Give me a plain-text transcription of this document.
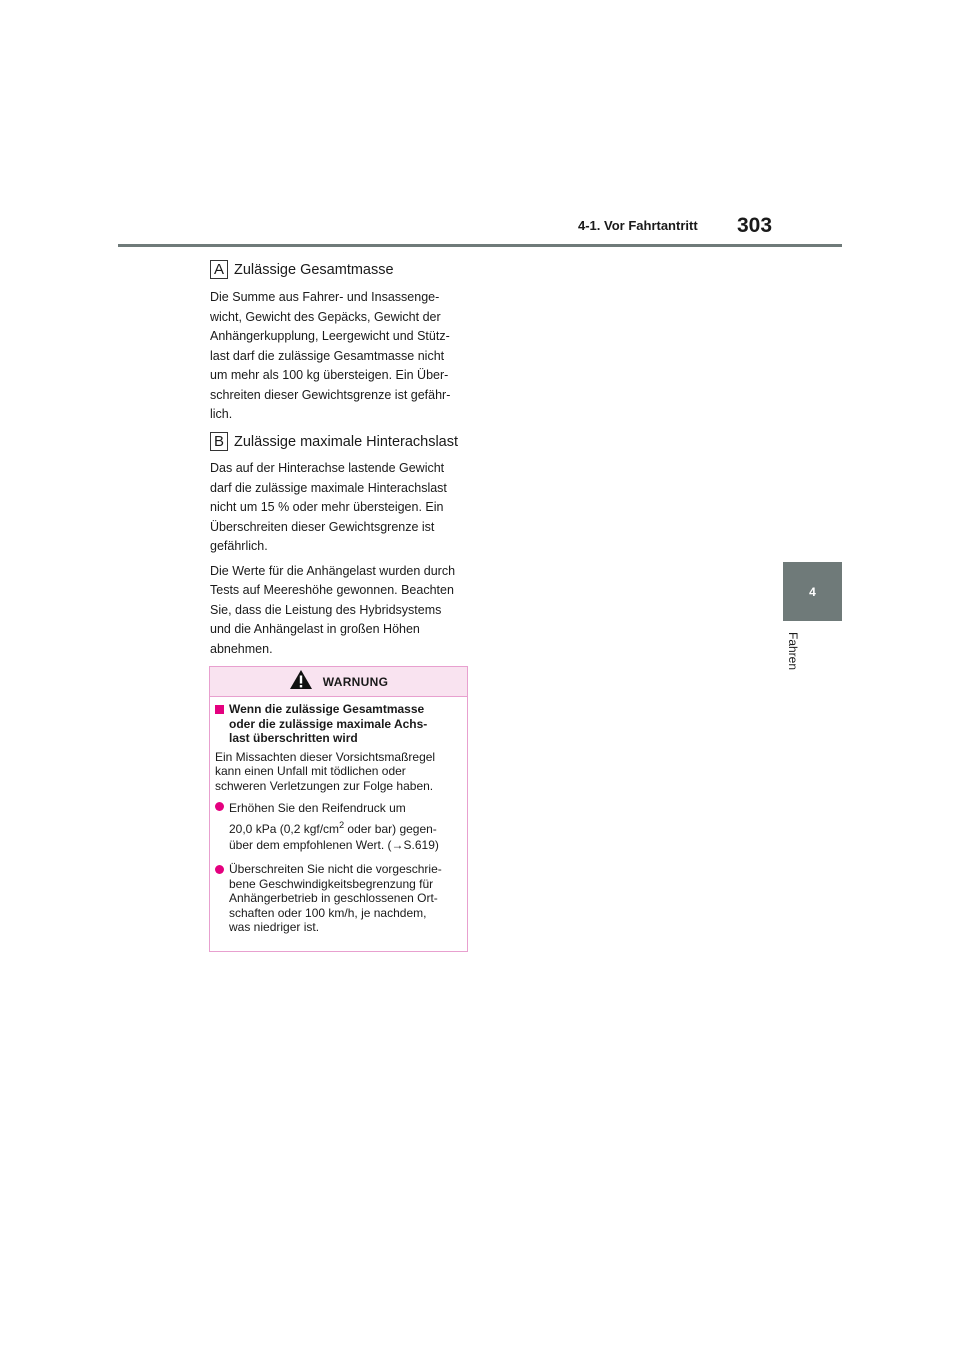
4-1. Vor Fahrtantritt 303
4
Fahren
A Zulässige Gesamtmasse

Die Summe aus Fahrer- und Insassenge-

wicht, Gewicht des Gepäcks, Gewicht der

Anhängerkupplung, Leergewicht und Stütz-

last darf die zulässige Gesamtmasse nicht

um mehr als 100 kg übersteigen. Ein Über-

schreiten dieser Gewichtsgrenze ist gefähr-

lich.

B Zulässige maximale Hinterachslast

Das auf der Hinterachse lastende Gewicht

darf die zulässige maximale Hinterachslast

nicht um 15 % oder mehr übersteigen. Ein

Überschreiten dieser Gewichtsgrenze ist

gefährlich.

Die Werte für die Anhängelast wurden durch

Tests auf Meereshöhe gewonnen. Beachten

Sie, dass die Leistung des Hybridsystems

und die Anhängelast in großen Höhen

abnehmen.

WARNUNG
Wenn die zulässige Gesamtmasse
oder die zulässige maximale Achs-
last überschritten wird
Ein Missachten dieser Vorsichtsmaßregel
kann einen Unfall mit tödlichen oder
schweren Verletzungen zur Folge haben.
Erhöhen Sie den Reifendruck um
20,0 kPa (0,2 kgf/$cm^2$ oder bar) gegen-
über dem empfohlenen Wert. (→S.619)
Überschreiten Sie nicht die vorgeschrie-
bene Geschwindigkeitsbegrenzung für
Anhängerbetrieb in geschlossenen Ort-
schaften oder 100 km/h, je nachdem,
was niedriger ist.
